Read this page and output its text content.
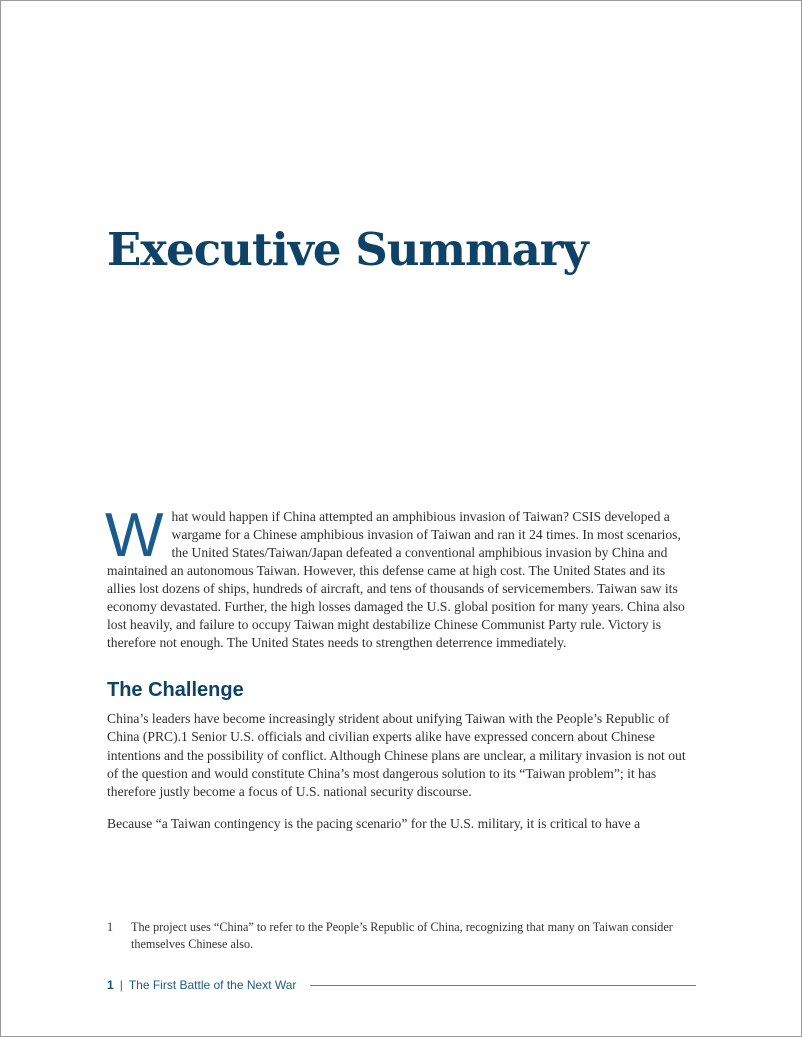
Executive Summary

What would happen if China attempted an amphibious invasion of Taiwan? CSIS developed a wargame for a Chinese amphibious invasion of Taiwan and ran it 24 times. In most scenarios, the United States/Taiwan/Japan defeated a conventional amphibious invasion by China and maintained an autonomous Taiwan. However, this defense came at high cost. The United States and its allies lost dozens of ships, hundreds of aircraft, and tens of thousands of servicemembers. Taiwan saw its economy devastated. Further, the high losses damaged the U.S. global position for many years. China also lost heavily, and failure to occupy Taiwan might destabilize Chinese Communist Party rule. Victory is therefore not enough. The United States needs to strengthen deterrence immediately.

The Challenge

China’s leaders have become increasingly strident about unifying Taiwan with the People’s Republic of China (PRC).1 Senior U.S. officials and civilian experts alike have expressed concern about Chinese intentions and the possibility of conflict. Although Chinese plans are unclear, a military invasion is not out of the question and would constitute China’s most dangerous solution to its “Taiwan problem”; it has therefore justly become a focus of U.S. national security discourse.

Because “a Taiwan contingency is the pacing scenario” for the U.S. military, it is critical to have a

1	The project uses “China” to refer to the People’s Republic of China, recognizing that many on Taiwan consider themselves Chinese also.
1 | The First Battle of the Next War
